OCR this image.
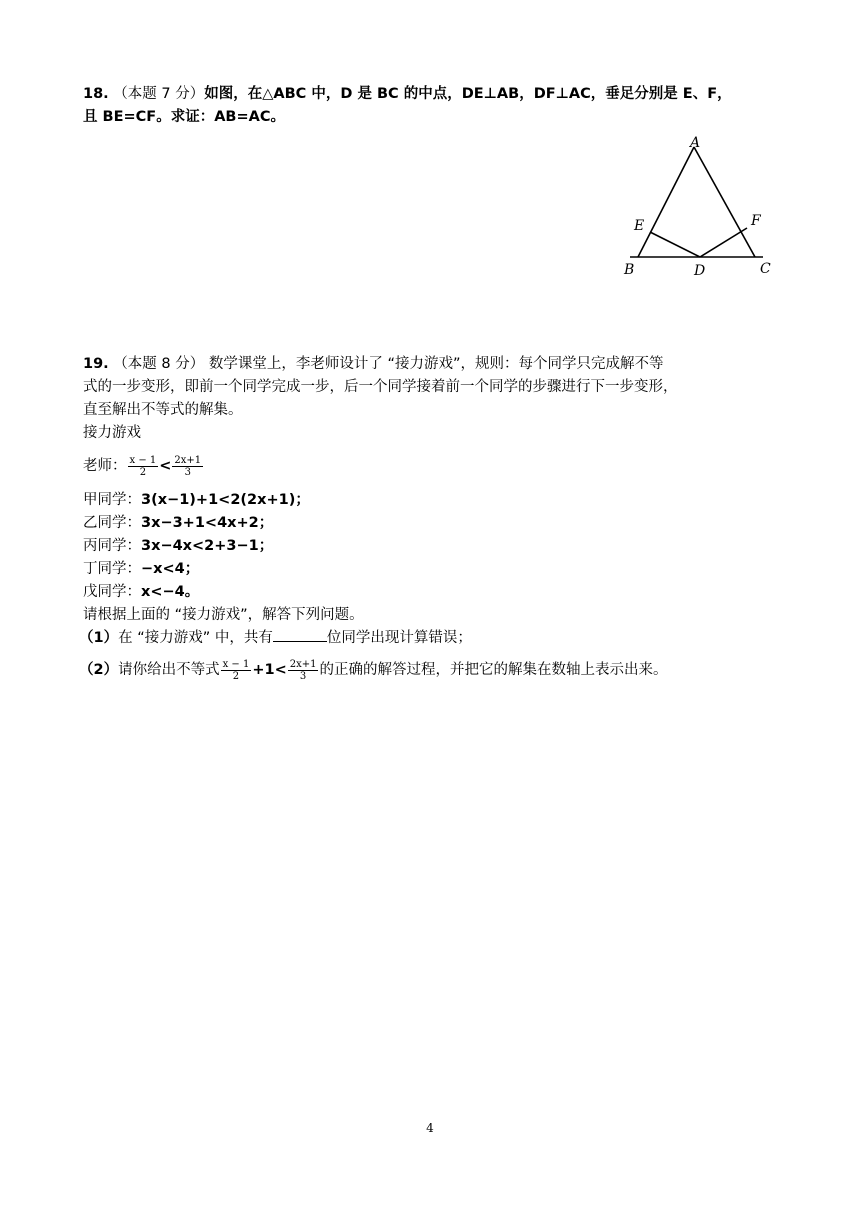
18. （本题 7 分）如图，在△ABC 中，D 是 BC 的中点，DE⊥AB，DF⊥AC，垂足分别是 E、F，
且 BE=CF。求证：AB=AC。
A
E	F
B	D	C
19. （本题 8 分） 数学课堂上，李老师设计了 “接力游戏”，规则：每个同学只完成解不等
式的一步变形，即前一个同学完成一步，后一个同学接着前一个同学的步骤进行下一步变形，
直至解出不等式的解集。
接力游戏
老师： $\frac{x - 1}{2} < \frac{2x+1}{3}$
甲同学：3(x−1)+1<2(2x+1)；
乙同学：3x−3+1<4x+2；
丙同学：3x−4x<2+3−1；
丁同学：−x<4；
戊同学：x<−4。
请根据上面的 “接力游戏”，解答下列问题。
（1）在 “接力游戏” 中，共有	位同学出现计算错误；
（2）请你给出不等式 $\frac{x - 1}{2} +1< \frac{2x+1}{3}$ 的正确的解答过程，并把它的解集在数轴上表示出来。
4
